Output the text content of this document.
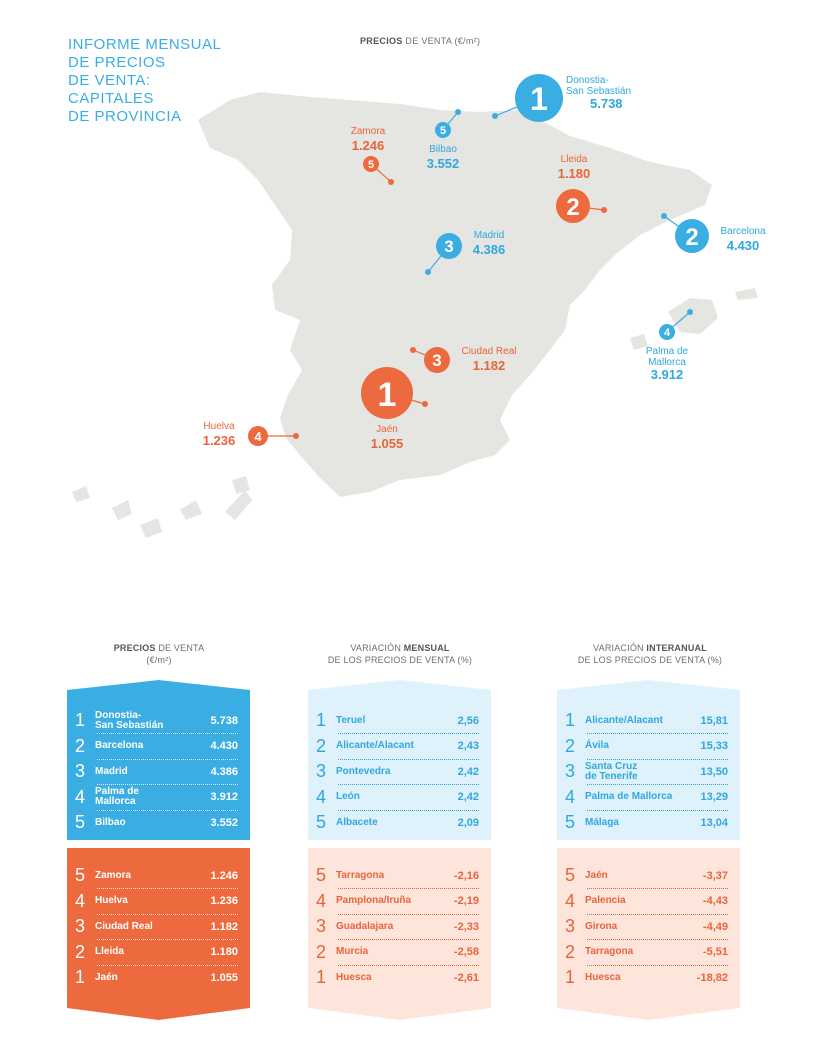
INFORME MENSUAL
DE PRECIOS
DE VENTA:
CAPITALES
DE PROVINCIA
PRECIOS DE VENTA (€/m²)
1
5
5
2
2
3
4
3
1
4
Donostia-
San Sebastián
5.738
Bilbao
3.552
Zamora
1.246
Lleida
1.180
Barcelona
4.430
Madrid
4.386
Palma de
Mallorca
3.912
Ciudad Real
1.182
Jaén
1.055
Huelva
1.236
PRECIOS DE VENTA
(€/m²)
VARIACIÓN MENSUAL
DE LOS PRECIOS DE VENTA (%)
VARIACIÓN INTERANUAL
DE LOS PRECIOS DE VENTA (%)
1 Donostia-
San Sebastián	5.738
2 Barcelona	4.430
3 Madrid	4.386
4 Palma de
Mallorca	3.912
5 Bilbao	3.552
5 Zamora	1.246
4 Huelva	1.236
3 Ciudad Real	1.182
2 Lleida	1.180
1 Jaén	1.055
1 Teruel	2,56
2 Alicante/Alacant	2,43
3 Pontevedra	2,42
4 León	2,42
5 Albacete	2,09
5 Tarragona	-2,16
4 Pamplona/Iruña	-2,19
3 Guadalajara	-2,33
2 Murcia	-2,58
1 Huesca	-2,61
1 Alicante/Alacant	15,81
2 Ávila	15,33
3 Santa Cruz
de Tenerife	13,50
4 Palma de Mallorca	13,29
5 Málaga	13,04
5 Jaén	-3,37
4 Palencia	-4,43
3 Girona	-4,49
2 Tarragona	-5,51
1 Huesca	-18,82
